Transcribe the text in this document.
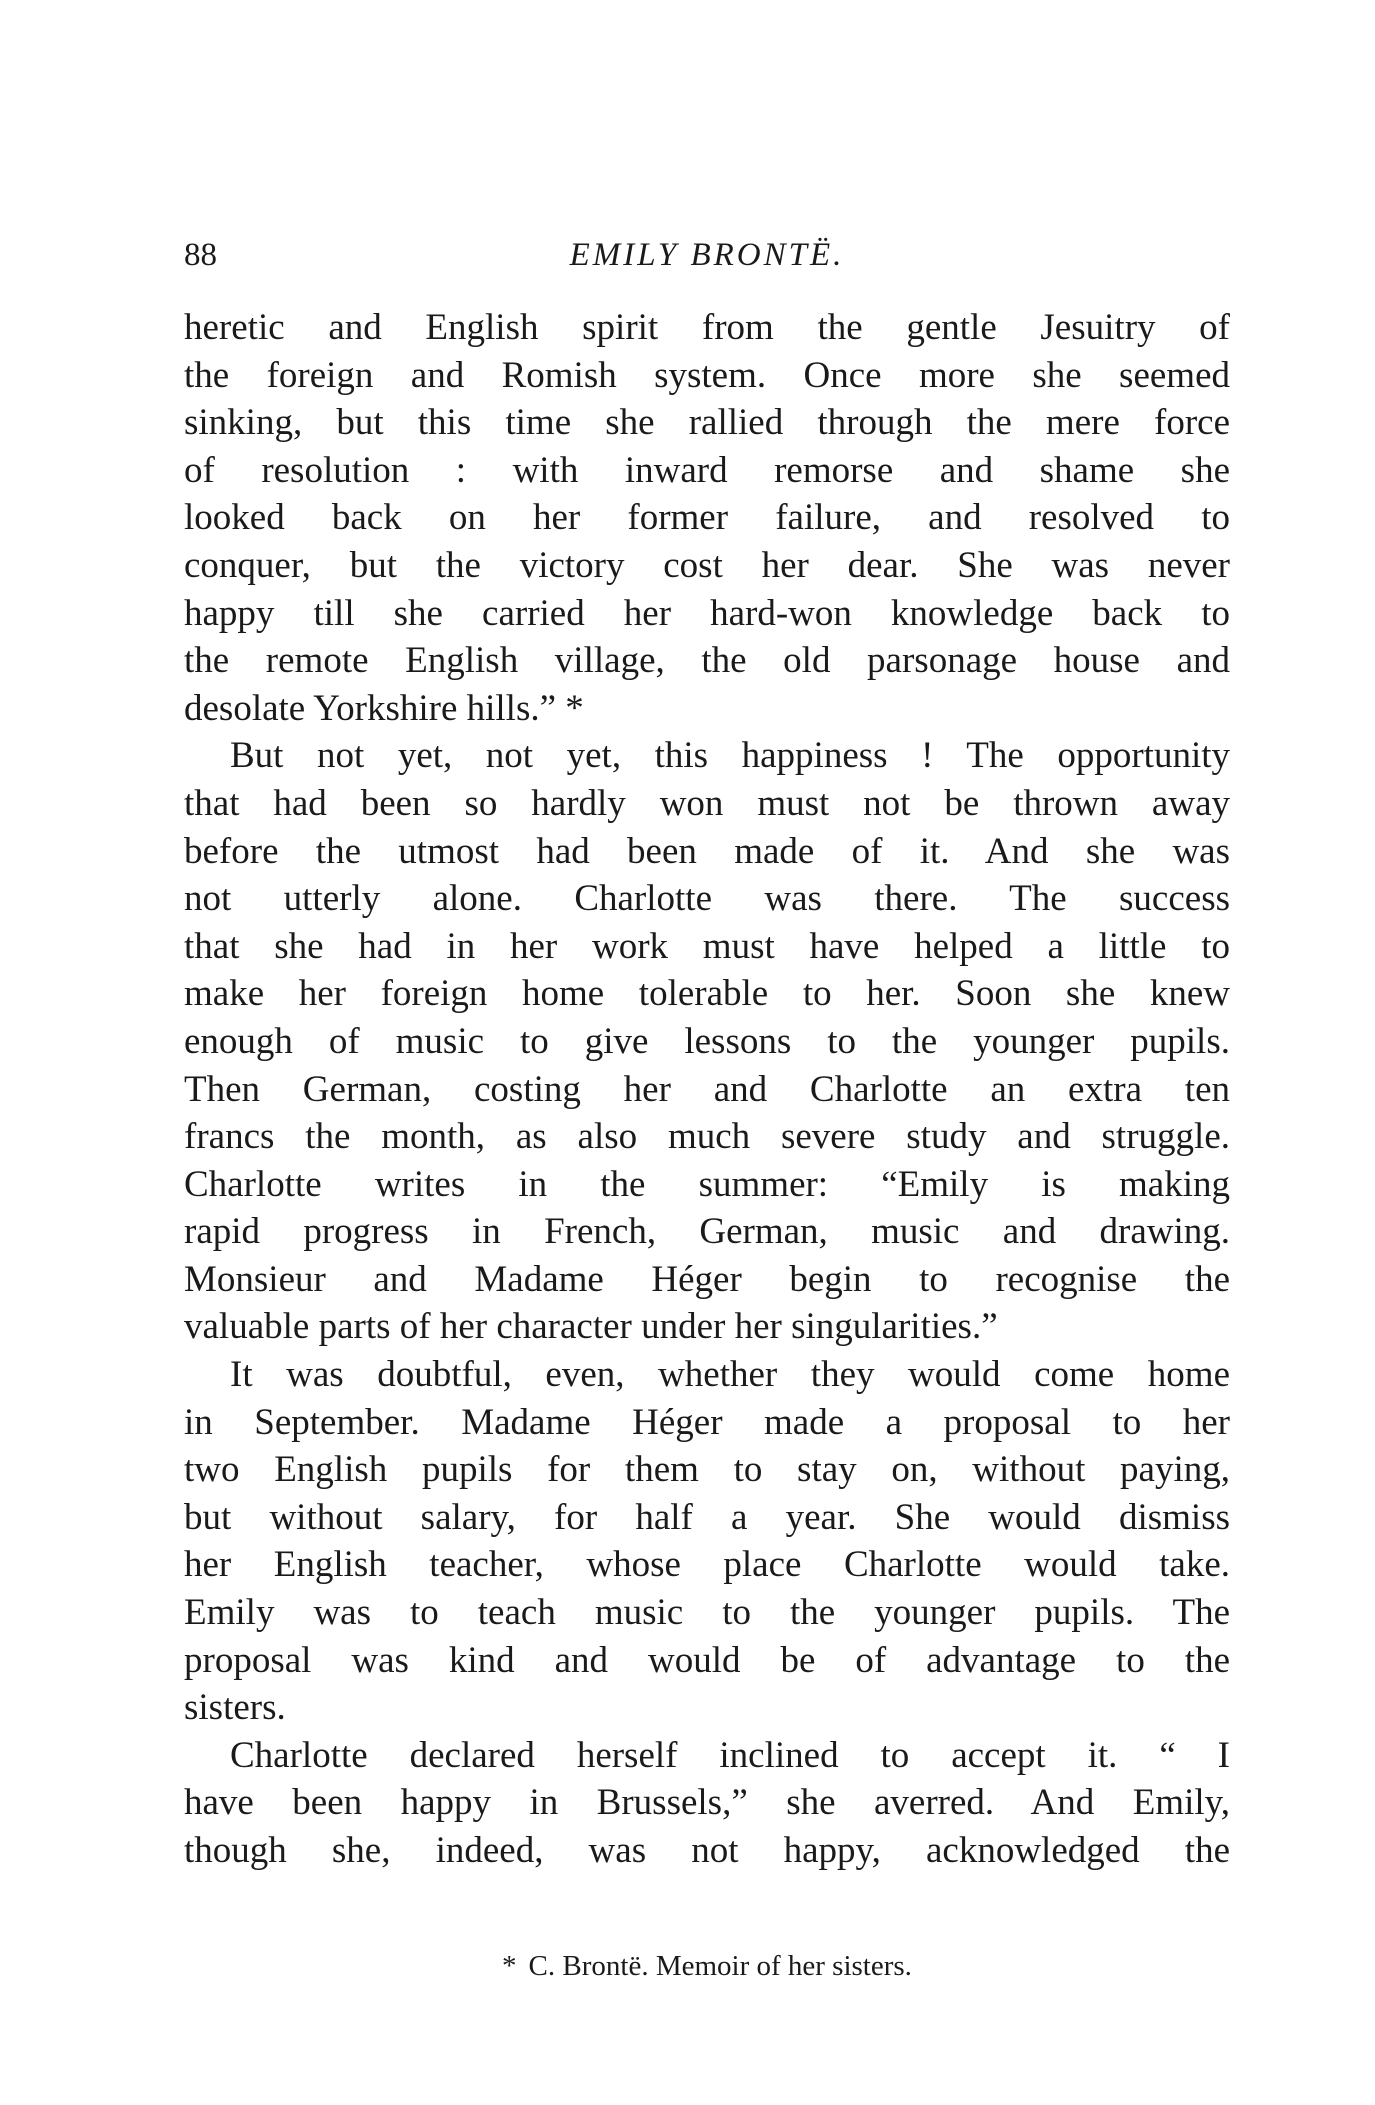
88	EMILY BRONTË.
heretic and English spirit from the gentle Jesuitry of
the foreign and Romish system. Once more she seemed
sinking, but this time she rallied through the mere force
of resolution : with inward remorse and shame she
looked back on her former failure, and resolved to
conquer, but the victory cost her dear. She was never
happy till she carried her hard-won knowledge back to
the remote English village, the old parsonage house and
desolate Yorkshire hills.” *
But not yet, not yet, this happiness ! The opportunity
that had been so hardly won must not be thrown away
before the utmost had been made of it. And she was
not utterly alone. Charlotte was there. The success
that she had in her work must have helped a little to
make her foreign home tolerable to her. Soon she knew
enough of music to give lessons to the younger pupils.
Then German, costing her and Charlotte an extra ten
francs the month, as also much severe study and struggle.
Charlotte writes in the summer: “Emily is making
rapid progress in French, German, music and drawing.
Monsieur and Madame Héger begin to recognise the
valuable parts of her character under her singularities.”
It was doubtful, even, whether they would come home
in September. Madame Héger made a proposal to her
two English pupils for them to stay on, without paying,
but without salary, for half a year. She would dismiss
her English teacher, whose place Charlotte would take.
Emily was to teach music to the younger pupils. The
proposal was kind and would be of advantage to the
sisters.
Charlotte declared herself inclined to accept it. “ I
have been happy in Brussels,” she averred. And Emily,
though she, indeed, was not happy, acknowledged the
* C. Brontë. Memoir of her sisters.
